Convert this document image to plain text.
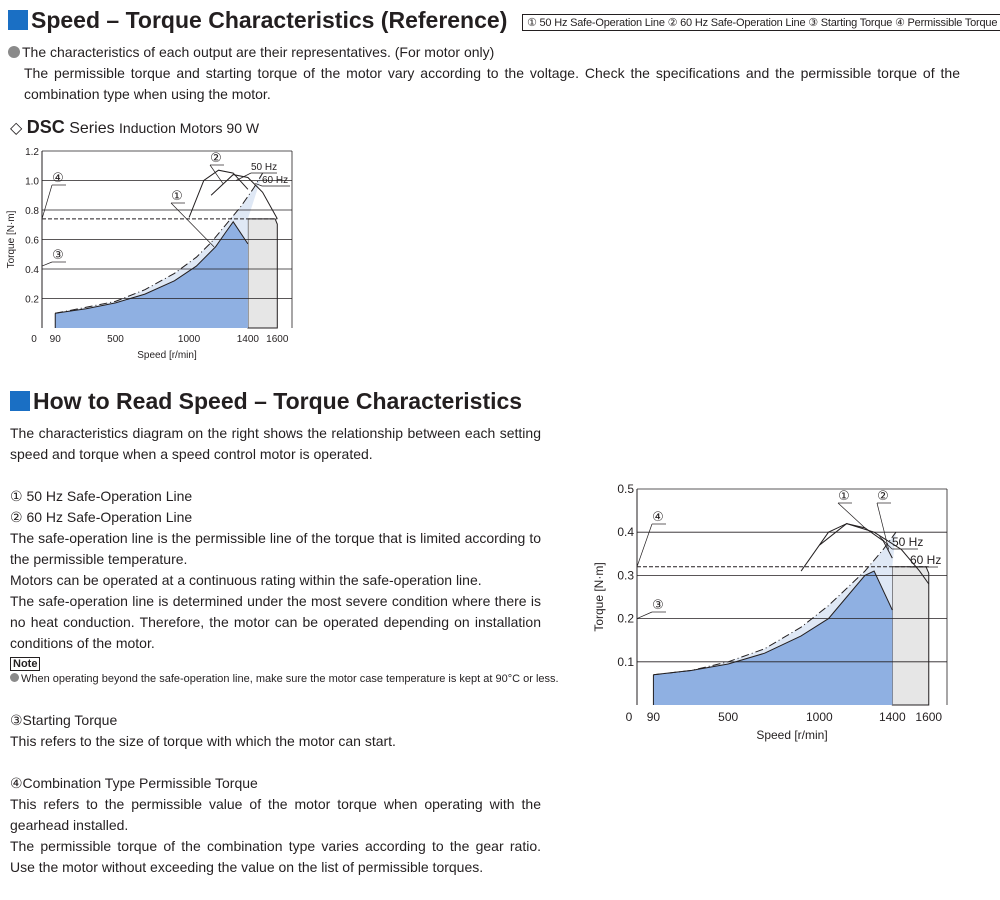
Speed – Torque Characteristics (Reference)	① 50 Hz Safe-Operation Line ② 60 Hz Safe-Operation Line ③ Starting Torque ④ Permissible Torque
The characteristics of each output are their representatives. (For motor only)
The permissible torque and starting torque of the motor vary according to the voltage. Check the specifications and the permissible torque of the combination type when using the motor.
◇ DSC Series Induction Motors 90 W
0.2
0.4
0.6
0.8
1.0
1.2
0 90	500	1000	1400 1600
Speed [r/min]
Torque [N·m]
①
②
③
④
50 Hz
60 Hz
How to Read Speed – Torque Characteristics
The characteristics diagram on the right shows the relationship between each setting speed and torque when a speed control motor is operated.
① 50 Hz Safe-Operation Line
② 60 Hz Safe-Operation Line
The safe-operation line is the permissible line of the torque that is limited according to the permissible temperature.
Motors can be operated at a continuous rating within the safe-operation line.
The safe-operation line is determined under the most severe condition where there is no heat conduction. Therefore, the motor can be operated depending on installation conditions of the motor.
Note
When operating beyond the safe-operation line, make sure the motor case temperature is kept at 90°C or less.
③Starting Torque
This refers to the size of torque with which the motor can start.
④Combination Type Permissible Torque
This refers to the permissible value of the motor torque when operating with the gearhead installed.
The permissible torque of the combination type varies according to the gear ratio. Use the motor without exceeding the value on the list of permissible torques.
0.1
0.2
0.3
0.4
0.5
0 90	500	1000	1400 1600
Speed [r/min]
Torque [N·m]
① ②
③
④
50 Hz
60 Hz
